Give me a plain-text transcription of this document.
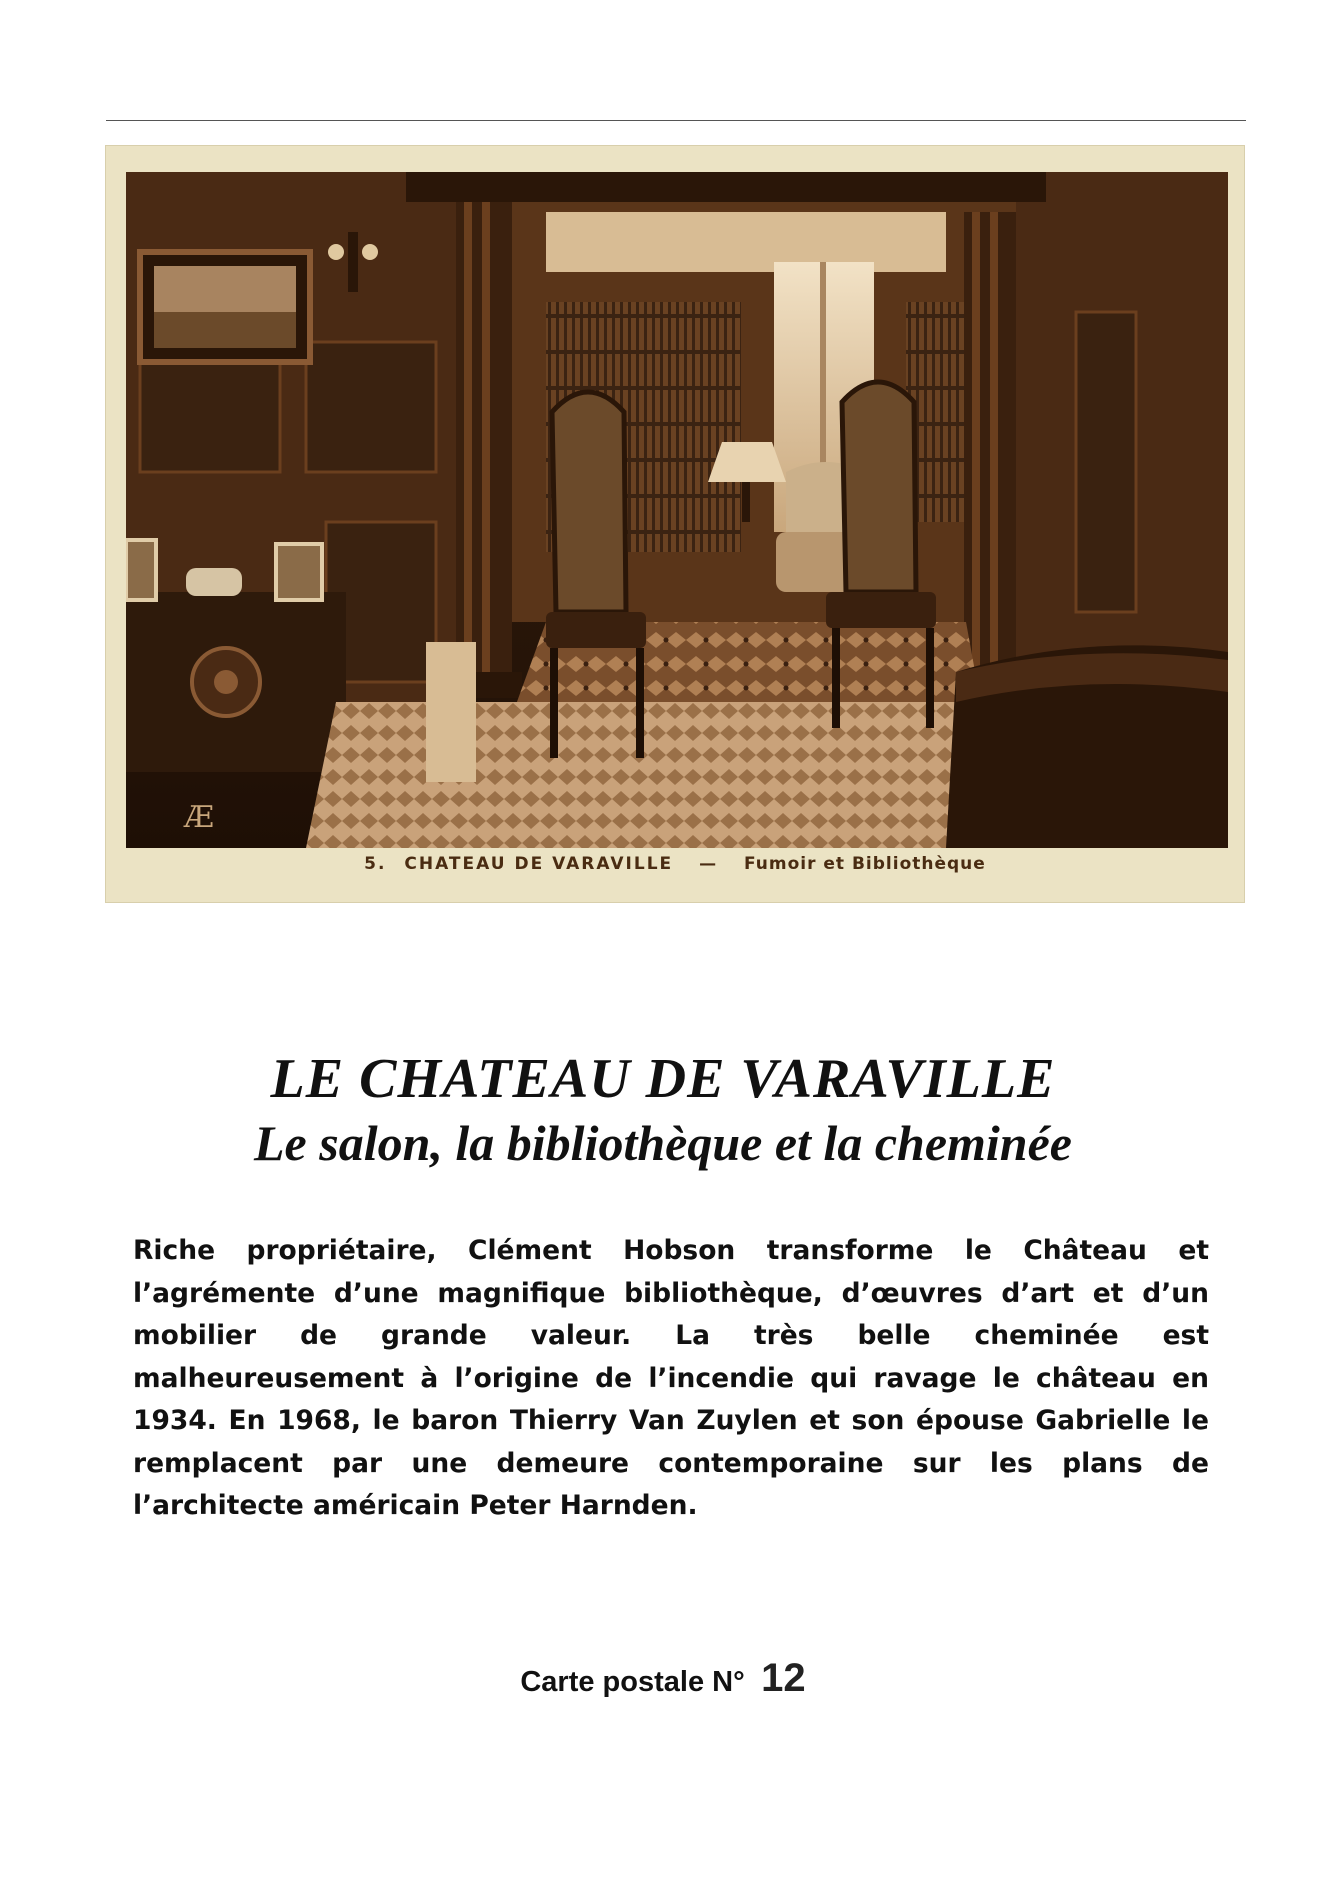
Æ
5. CHATEAU DE VARAVILLE — Fumoir et Bibliothèque
LE CHATEAU DE VARAVILLE
Le salon, la bibliothèque et la cheminée
Riche propriétaire, Clément Hobson transforme le Château et l’agrémente d’une magnifique bibliothèque, d’œuvres d’art et d’un mobilier de grande valeur. La très belle cheminée est malheureusement à l’origine de l’incendie qui ravage le château en 1934. En 1968, le baron Thierry Van Zuylen et son épouse Gabrielle le remplacent par une demeure contemporaine sur les plans de l’architecte américain Peter Harnden.
Carte postale N° 12
